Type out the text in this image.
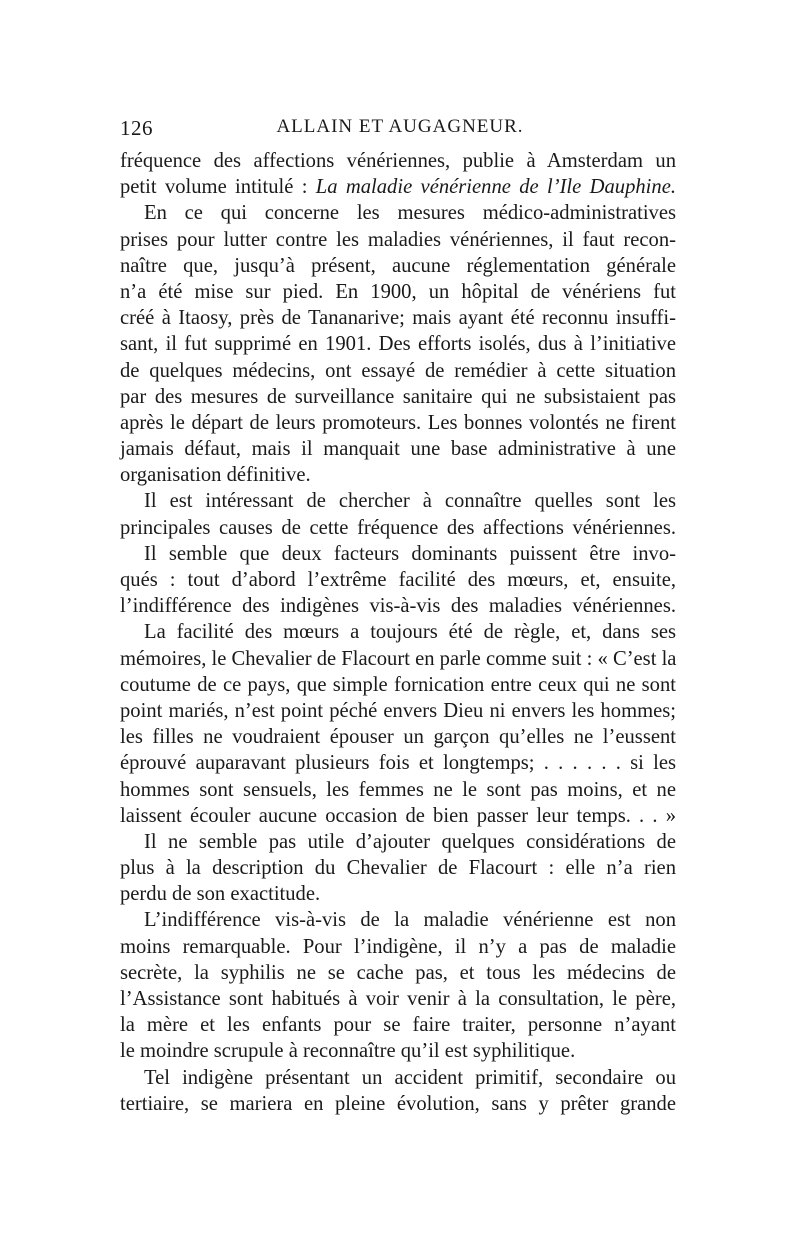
126	ALLAIN ET AUGAGNEUR.
fréquence des affections vénériennes, publie à Amsterdam un
petit volume intitulé : La maladie vénérienne de l’Ile Dauphine.
En ce qui concerne les mesures médico-administratives
prises pour lutter contre les maladies vénériennes, il faut recon-
naître que, jusqu’à présent, aucune réglementation générale
n’a été mise sur pied. En 1900, un hôpital de vénériens fut
créé à Itaosy, près de Tananarive; mais ayant été reconnu insuffi-
sant, il fut supprimé en 1901. Des efforts isolés, dus à l’initiative
de quelques médecins, ont essayé de remédier à cette situation
par des mesures de surveillance sanitaire qui ne subsistaient pas
après le départ de leurs promoteurs. Les bonnes volontés ne firent
jamais défaut, mais il manquait une base administrative à une
organisation définitive.
Il est intéressant de chercher à connaître quelles sont les
principales causes de cette fréquence des affections vénériennes.
Il semble que deux facteurs dominants puissent être invo-
qués : tout d’abord l’extrême facilité des mœurs, et, ensuite,
l’indifférence des indigènes vis-à-vis des maladies vénériennes.
La facilité des mœurs a toujours été de règle, et, dans ses
mémoires, le Chevalier de Flacourt en parle comme suit : « C’est la
coutume de ce pays, que simple fornication entre ceux qui ne sont
point mariés, n’est point péché envers Dieu ni envers les hommes;
les filles ne voudraient épouser un garçon qu’elles ne l’eussent
éprouvé auparavant plusieurs fois et longtemps; . . . . . . si les
hommes sont sensuels, les femmes ne le sont pas moins, et ne
laissent écouler aucune occasion de bien passer leur temps. . . »
Il ne semble pas utile d’ajouter quelques considérations de
plus à la description du Chevalier de Flacourt : elle n’a rien
perdu de son exactitude.
L’indifférence vis-à-vis de la maladie vénérienne est non
moins remarquable. Pour l’indigène, il n’y a pas de maladie
secrète, la syphilis ne se cache pas, et tous les médecins de
l’Assistance sont habitués à voir venir à la consultation, le père,
la mère et les enfants pour se faire traiter, personne n’ayant
le moindre scrupule à reconnaître qu’il est syphilitique.
Tel indigène présentant un accident primitif, secondaire ou
tertiaire, se mariera en pleine évolution, sans y prêter grande
